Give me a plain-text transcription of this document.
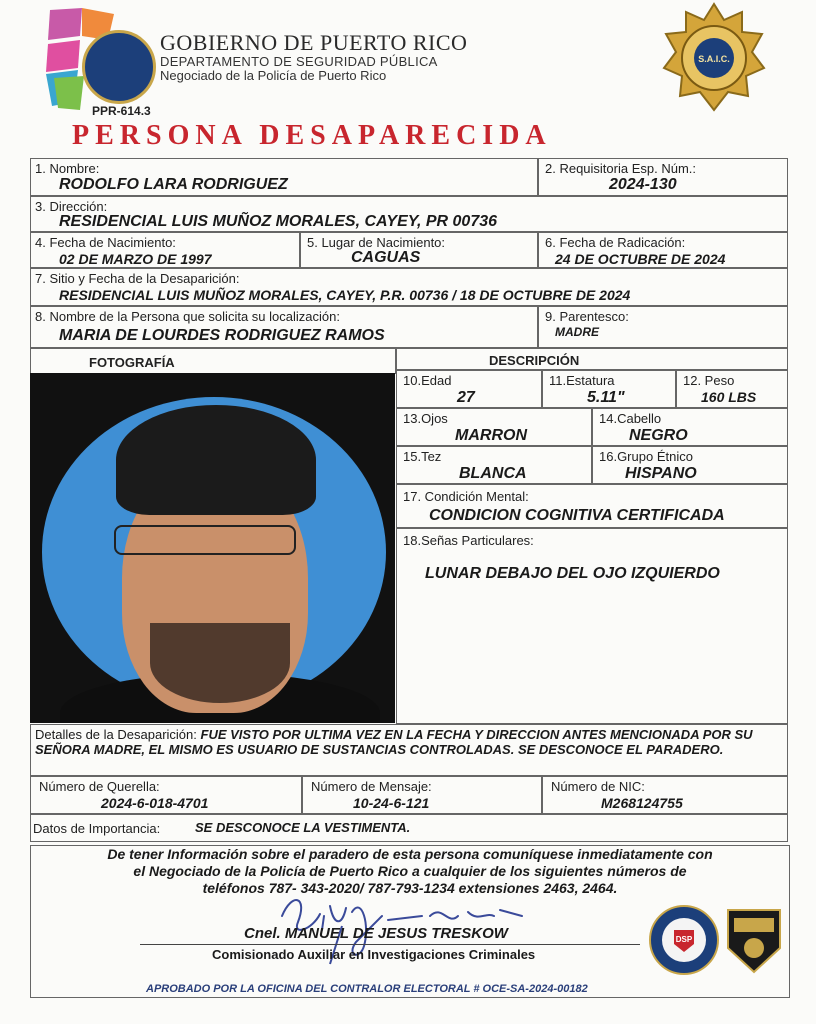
GOBIERNO DE PUERTO RICO
DEPARTAMENTO DE SEGURIDAD PÚBLICA
Negociado de la Policía de Puerto Rico
PPR-614.3
S.A.I.C.
PERSONA DESAPARECIDA
1. Nombre:
RODOLFO LARA RODRIGUEZ
2. Requisitoria Esp. Núm.:
2024-130
3. Dirección:
RESIDENCIAL LUIS MUÑOZ MORALES, CAYEY, PR 00736
4. Fecha de Nacimiento:
02 DE MARZO DE 1997
5. Lugar de Nacimiento:
CAGUAS
6. Fecha de Radicación:
24 DE OCTUBRE DE 2024
7. Sitio y Fecha de la Desaparición:
RESIDENCIAL LUIS MUÑOZ MORALES, CAYEY, P.R. 00736 / 18 DE OCTUBRE DE 2024
8. Nombre de la Persona que solicita su localización:
MARIA DE LOURDES RODRIGUEZ RAMOS
9. Parentesco:
MADRE
FOTOGRAFÍA	DESCRIPCIÓN
10.Edad
27
11.Estatura
5.11"
12. Peso
160 LBS
13.Ojos
MARRON
14.Cabello
NEGRO
15.Tez
BLANCA
16.Grupo Étnico
HISPANO
17. Condición Mental:
CONDICION COGNITIVA CERTIFICADA
18.Señas Particulares:
LUNAR DEBAJO DEL OJO IZQUIERDO
Detalles de la Desaparición: FUE VISTO POR ULTIMA VEZ EN LA FECHA Y DIRECCION ANTES MENCIONADA POR SU SEÑORA MADRE, EL MISMO ES USUARIO DE SUSTANCIAS CONTROLADAS. SE DESCONOCE EL PARADERO.
Número de Querella:
2024-6-018-4701
Número de Mensaje:
10-24-6-121
Número de NIC:
M268124755
Datos de Importancia:	SE DESCONOCE LA VESTIMENTA.
De tener Información sobre el paradero de esta persona comuníquese inmediatamente con
el Negociado de la Policía de Puerto Rico a cualquier de los siguientes números de
teléfonos 787- 343-2020/ 787-793-1234 extensiones 2463, 2464.
Cnel. MANUEL DE JESUS TRESKOW
Comisionado Auxiliar en Investigaciones Criminales
DSP
APROBADO POR LA OFICINA DEL CONTRALOR ELECTORAL # OCE-SA-2024-00182
